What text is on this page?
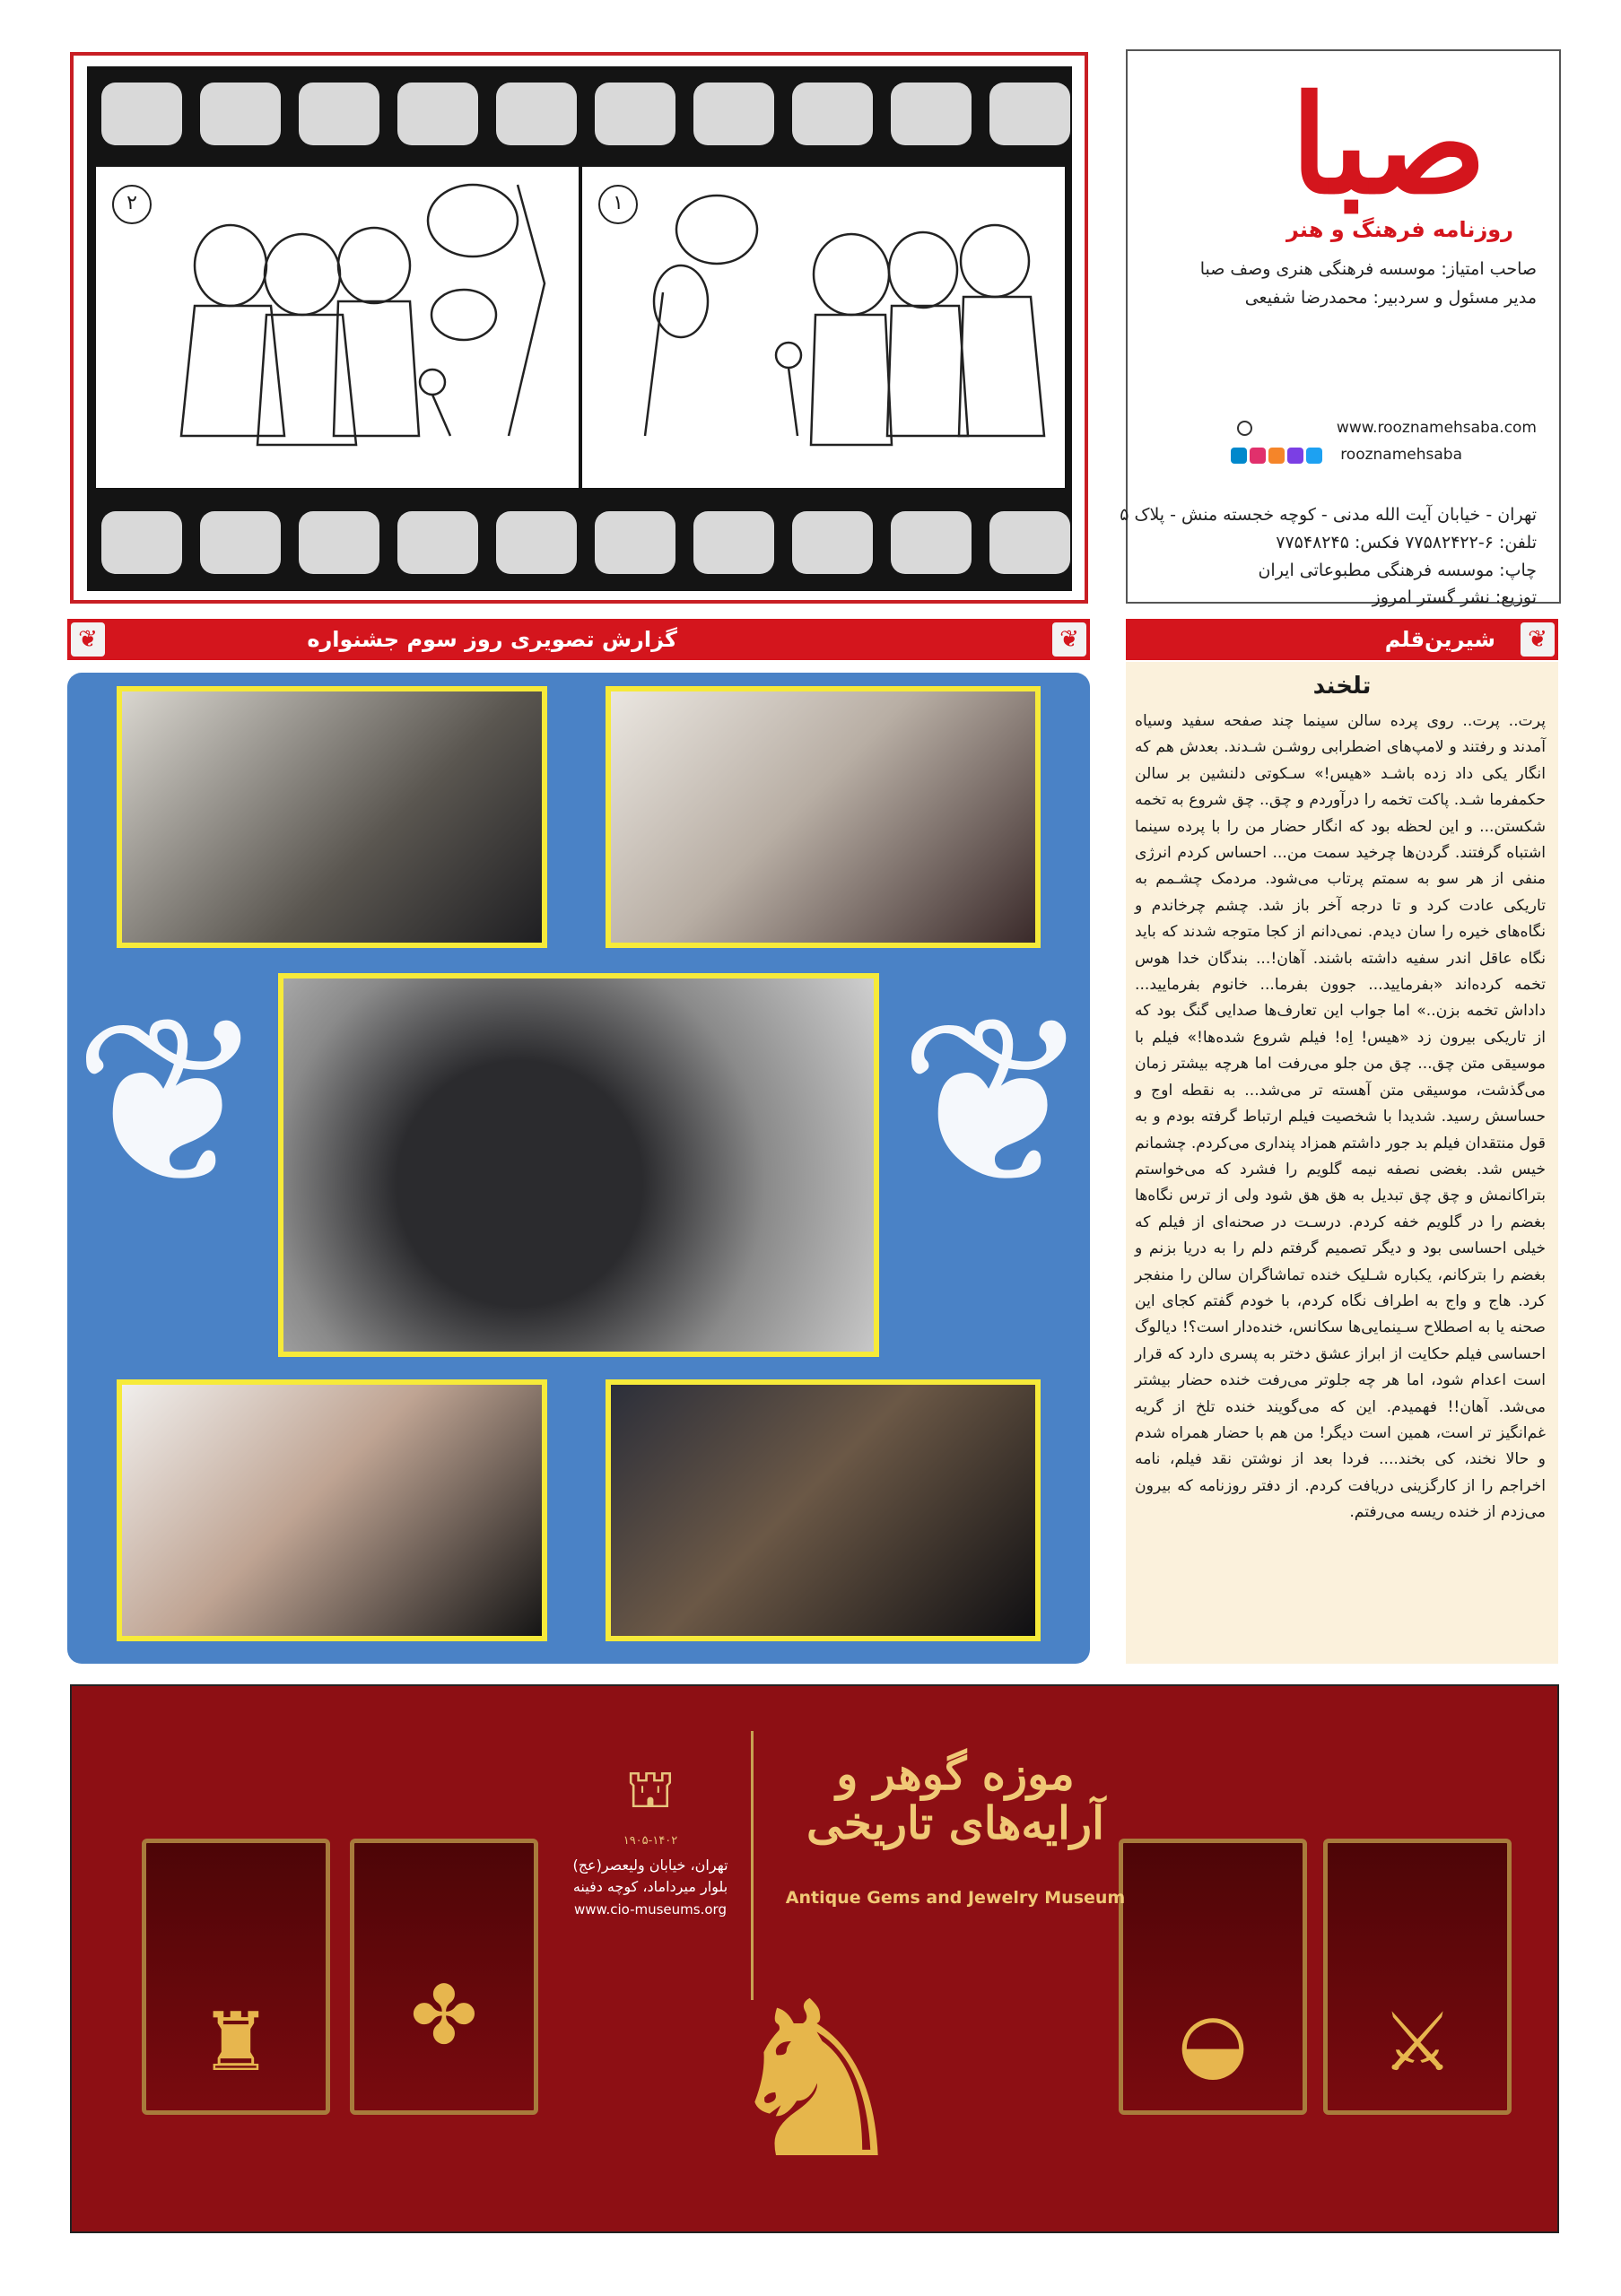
۲	۱	صبا
روزنامه فرهنگ و هنر
صاحب امتیاز: موسسه فرهنگی هنری وصف صبا
مدیر مسئول و سردبیر: محمدرضا شفیعی
www.rooznamehsaba.com
rooznamehsaba
تهران - خیابان آیت الله مدنی - کوچه خجسته منش - پلاک ۵
تلفن: ۶-۷۷۵۸۲۴۲۲ فکس: ۷۷۵۴۸۲۴۵
چاپ: موسسه فرهنگی مطبوعاتی ایران
توزیع: نشر گستر امروز
گزارش تصویری روز سوم جشنواره
❦	❦
❦	❦
شیرین‌قلم	❦
تلخند
پرت.. پرت.. روی پرده سالن سینما چند صفحه سفید وسیاه آمدند و رفتند و لامپ‌های اضطرابی روشـن شـدند. بعدش هم که انگار یکی داد زده باشـد «هیس!» سـکوتی دلنشین بر سالن حکمفرما شـد. پاکت تخمه را درآوردم و چق.. چق شروع به تخمه شکستن... و این لحظه بود که انگار حضار من را با پرده سینما اشتباه گرفتند. گردن‌ها چرخید سمت من... احساس کردم انرژی منفی از هر سو به سمتم پرتاب می‌شود. مردمک چشـمم به تاریکی عادت کرد و تا درجه آخر باز شد. چشم چرخاندم و نگاه‌های خیره را سان دیدم. نمی‌دانم از کجا متوجه شدند که باید نگاه عاقل اندر سفیه داشته باشند. آهان!... بندگان خدا هوس تخمه کرده‌اند «بفرمایید... جوون بفرما... خانوم بفرمایید... داداش تخمه بزن..» اما جواب این تعارف‌ها صدایی گنگ بود که از تاریکی بیرون زد «هیس! اِه! فیلم شروع شده‌ها!» فیلم با موسیقی متن چق... چق من جلو می‌رفت اما هرچه بیشتر زمان می‌گذشت، موسیقی متن آهسته تر می‌شد... به نقطه اوج و حساسش رسید. شدیدا با شخصیت فیلم ارتباط گرفته بودم و به قول منتقدان فیلم بد جور داشتم همزاد پنداری می‌کردم. چشمانم خیس شد. بغضی نصفه نیمه گلویم را فشرد که می‌خواستم بتراکانمش و چق چق تبدیل به هق هق شود ولی از ترس نگاه‌ها بغضم را در گلویم خفه کردم. درسـت در صحنه‌ای از فیلم که خیلی احساسی بود و دیگر تصمیم گرفتم دلم را به دریا بزنم و بغضم را بترکانم، یکباره شـلیک خنده تماشاگران سالن را منفجر کرد. هاج و واج به اطراف نگاه کردم، با خودم گفتم کجای این صحنه یا به اصطلاح سـینمایی‌ها سکانس، خنده‌دار است؟! دیالوگ احساسی فیلم حکایت از ابراز عشق دختر به پسری دارد که قرار است اعدام شود، اما هر چه جلوتر می‌رفت خنده حضار بیشتر می‌شد. آهان!! فهمیدم. این که می‌گویند خنده تلخ از گریه غم‌انگیز تر است، همین است دیگر! من هم با حضار همراه شدم و حالا نخند، کی بخند.... فردا بعد از نوشتن نقد فیلم، نامه اخراجم را از کارگزینی دریافت کردم. از دفتر روزنامه که بیرون می‌زدم از خنده ریسه می‌رفتم.
♜	✤	◒	⚔
⛫
۱۹۰۵-۱۴۰۲
تهران، خیابان ولیعصر(عج)
بلوار میرداماد، کوچه دفینه
www.cio-museums.org
موزه گوهر و آرایه‌های تاریخی
Antique Gems and Jewelry Museum
♞
